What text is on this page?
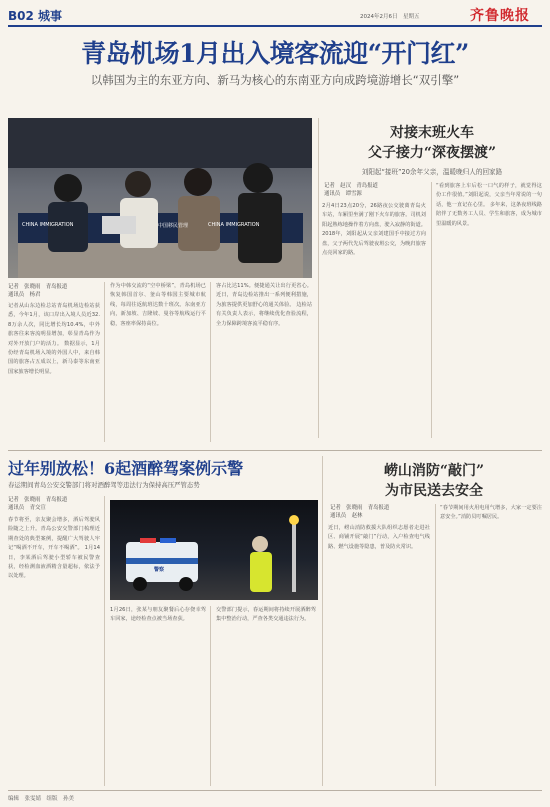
B02 城事	2024年2月6日　星期五	齐鲁晚报
青岛机场1月出入境客流迎“开门红”
以韩国为主的东亚方向、新马为核心的东南亚方向成跨境游增长“双引擎”
CHINA IMMIGRATION	中国移民管理	CHINA IMMIGRATION
记者　张晓雨　青岛报道
通讯员　杨君
记者从山东边检总站青岛机场边检站获悉，今年1月，该口岸出入境人员近32.8万余人次，同比增长均10.4%，中外旅客往来客流明显增加，彰显青岛作为对外开放门户的活力。 数据显示，1月份经青岛机场入境的外国人中，来自韩国的旅客占五成以上，新马泰等东南亚国家旅客增长明显。
作为中韩交流的“空中桥梁”，青岛机场已恢复韩国首尔、釜山等韩国主要城市航线，每周往返航班达数十班次。东南亚方向，新加坡、吉隆坡、曼谷等航线运行平稳，客座率保持高位。
客占比达11%。便捷通关让出行更省心。近日，青岛边检站推出一系列便利措施，为旅客提供更加舒心的通关体验。 边检站有关负责人表示，将继续优化查验流程，全力保障跨境客流平稳有序。
对接末班火车
父子接力“深夜摆渡”
刘阳起“接班”20余年父亲，温暖晚归人的回家路
记者　赵汉　青岛报道
通讯员　谭雪源
2月4日23点20分，26路夜公交驶离青岛火车站，车厢里坐满了刚下火车的旅客。司机刘阳起熟练地操作着方向盘，驶入寂静的街道。 2018年，刘阳起从父亲刘建国手中接过方向盘，父子两代先后驾驶夜班公交，为晚归旅客点亮回家的路。
“看到旅客上车后松一口气的样子，就觉得这份工作很值。”刘阳起说，父亲当年常说的一句话，他一直记在心里。 多年来，这条夜班线路陪伴了无数务工人员、学生和旅客，成为城市里温暖的风景。
过年别放松！6起酒醉驾案例示警
春运期间青岛公安交警部门将对酒醉驾等违法行为保持高压严管态势
记者　张晓雨　青岛报道
通讯员　青交宣
春节将至，亲友聚会增多，酒后驾驶风险随之上升。青岛公安交警部门梳理近期查处的典型案例，提醒广大驾驶人牢记“喝酒不开车，开车不喝酒”。 1月14日，李某酒后驾驶小型轿车被民警查获，经检测血液酒精含量超标，依法予以处理。
警察
1月26日，张某与朋友聚餐后心存侥幸驾车回家，途经检查点被当场查获。
交警部门提示，春运期间将持续开展酒醉驾集中整治行动，严查各类交通违法行为。
崂山消防“敲门”
为市民送去安全
记者　张晓雨　青岛报道
通讯员　赵林
近日，崂山消防救援大队组织志愿者走进社区、商铺开展“敲门”行动，入户检查电气线路、燃气设施等隐患，普及防火常识。
“春节期间用火用电用气增多，大家一定要注意安全。”消防员叮嘱居民。
编辑　张雯婧　组版　孙美
